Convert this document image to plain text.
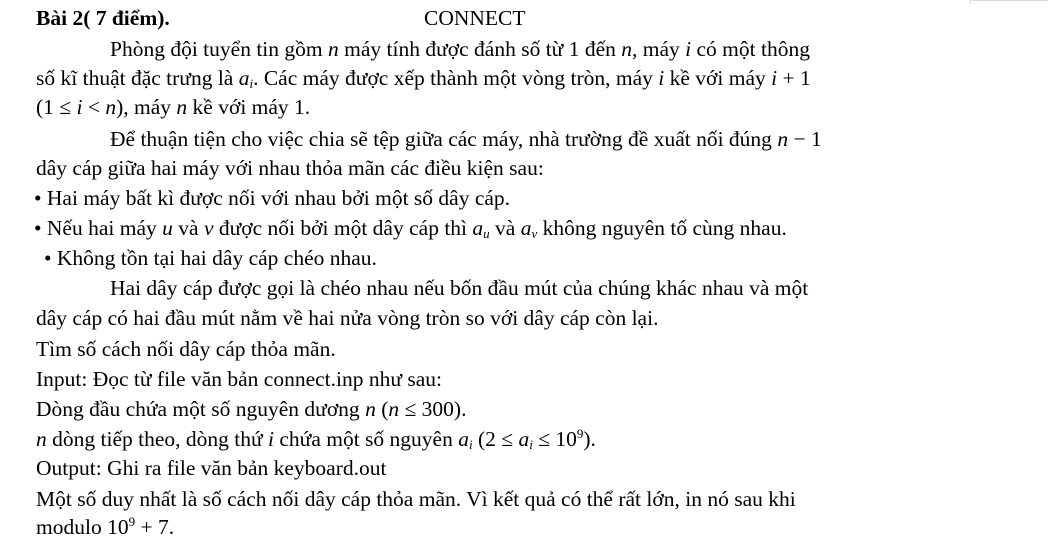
Bài 2( 7 điểm).	CONNECT

Phòng đội tuyển tin gồm n máy tính được đánh số từ 1 đến n, máy i có một thông

số kĩ thuật đặc trưng là $a_i$. Các máy được xếp thành một vòng tròn, máy i kề với máy i + 1

(1 ≤ i < n), máy n kề với máy 1.

Để thuận tiện cho việc chia sẽ tệp giữa các máy, nhà trường đề xuất nối đúng n − 1

dây cáp giữa hai máy với nhau thỏa mãn các điều kiện sau:

• Hai máy bất kì được nối với nhau bởi một số dây cáp.

• Nếu hai máy u và v được nối bởi một dây cáp thì $a_u$ và $a_v$ không nguyên tố cùng nhau.

• Không tồn tại hai dây cáp chéo nhau.

Hai dây cáp được gọi là chéo nhau nếu bốn đầu mút của chúng khác nhau và một

dây cáp có hai đầu mút nằm về hai nửa vòng tròn so với dây cáp còn lại.

Tìm số cách nối dây cáp thỏa mãn.

Input: Đọc từ file văn bản connect.inp như sau:

Dòng đầu chứa một số nguyên dương n (n ≤ 300).

n dòng tiếp theo, dòng thứ i chứa một số nguyên $a_i$ $(2 \le a_i \le 10^9)$.

Output: Ghi ra file văn bản keyboard.out

Một số duy nhất là số cách nối dây cáp thỏa mãn. Vì kết quả có thể rất lớn, in nó sau khi

modulo $10^9 + 7$.
